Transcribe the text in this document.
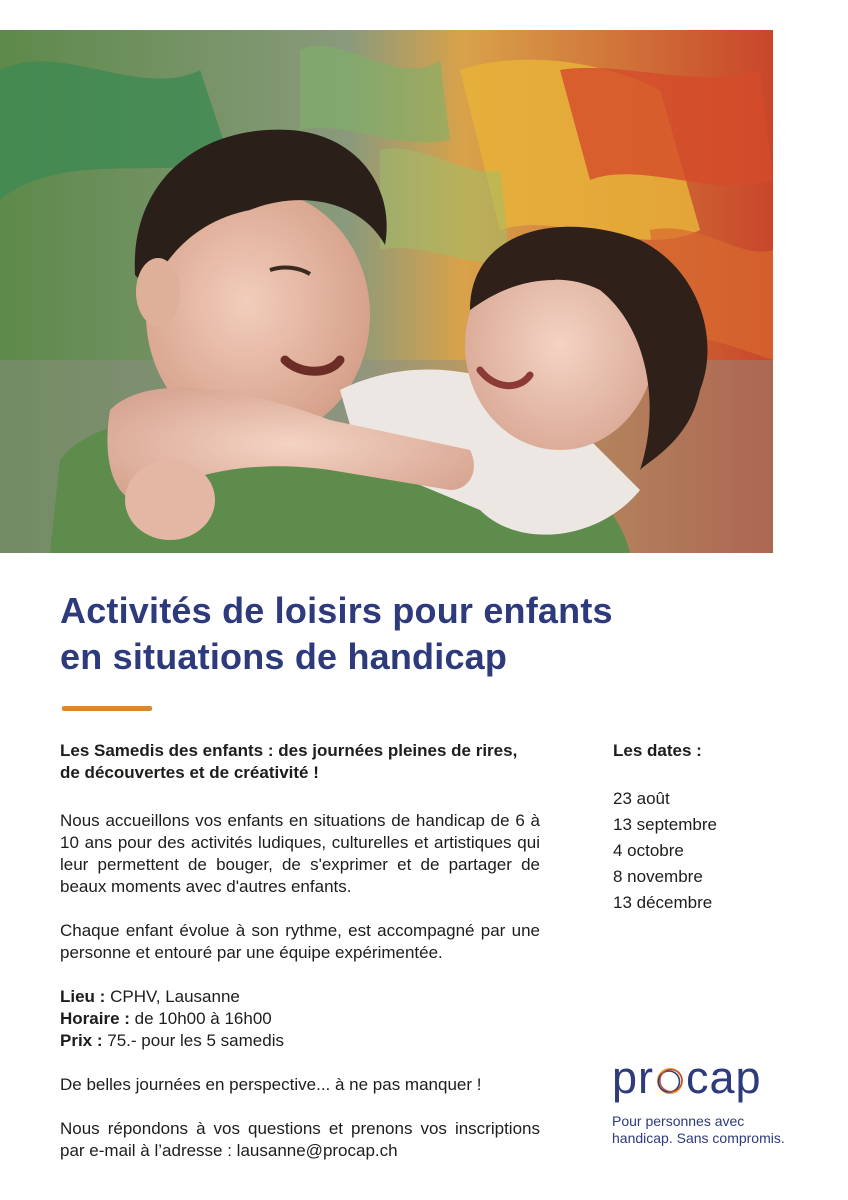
Activités de loisirs pour enfants
en situations de handicap

Les Samedis des enfants : des journées pleines de rires,
de découvertes et de créativité !

Nous accueillons vos enfants en situations de handicap de 6 à 10 ans pour des activités ludiques, culturelles et artistiques qui leur permettent de bouger, de s'exprimer et de partager de beaux moments avec d'autres enfants.

Chaque enfant évolue à son rythme, est accompagné par une personne et entouré par une équipe expérimentée.

Lieu : CPHV, Lausanne
Horaire : de 10h00 à 16h00
Prix : 75.- pour les 5 samedis

De belles journées en perspective... à ne pas manquer !

Nous répondons à vos questions et prenons vos inscriptions par e-mail à l’adresse : lausanne@procap.ch

Les dates :
23 août
13 septembre
4 octobre
8 novembre
13 décembre
pr cap
Pour personnes avec
handicap. Sans compromis.
